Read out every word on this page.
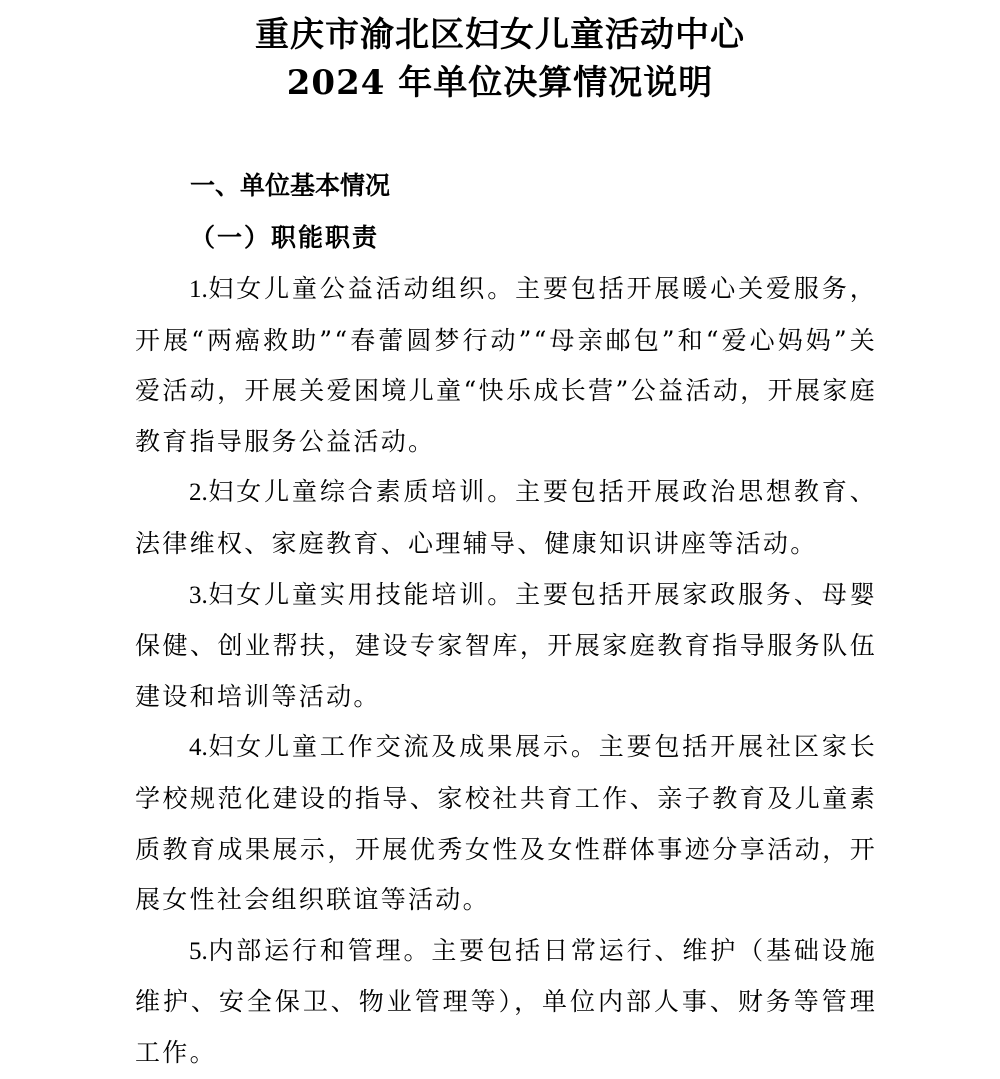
重庆市渝北区妇女儿童活动中心
2024 年单位决算情况说明
一、单位基本情况
（一）职能职责

1.妇女儿童公益活动组织。主要包括开展暖心关爱服务，开展“两癌救助”“春蕾圆梦行动”“母亲邮包”和“爱心妈妈”关爱活动，开展关爱困境儿童“快乐成长营”公益活动，开展家庭教育指导服务公益活动。

2.妇女儿童综合素质培训。主要包括开展政治思想教育、法律维权、家庭教育、心理辅导、健康知识讲座等活动。

3.妇女儿童实用技能培训。主要包括开展家政服务、母婴保健、创业帮扶，建设专家智库，开展家庭教育指导服务队伍建设和培训等活动。

4.妇女儿童工作交流及成果展示。主要包括开展社区家长学校规范化建设的指导、家校社共育工作、亲子教育及儿童素质教育成果展示，开展优秀女性及女性群体事迹分享活动，开展女性社会组织联谊等活动。

5.内部运行和管理。主要包括日常运行、维护（基础设施维护、安全保卫、物业管理等），单位内部人事、财务等管理工作。
